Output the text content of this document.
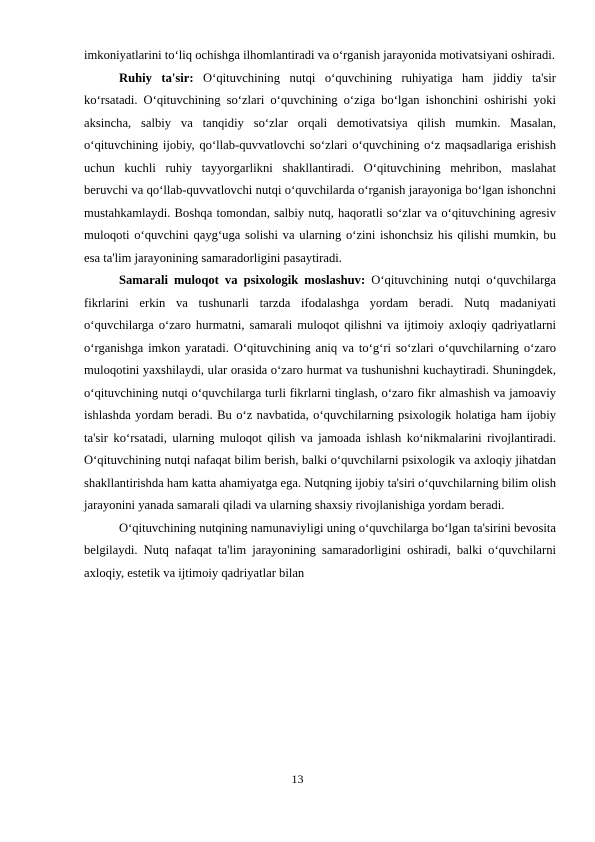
imkoniyatlarini to‘liq ochishga ilhomlantiradi va o‘rganish jarayonida motivatsiyani oshiradi.

Ruhiy ta'sir: O‘qituvchining nutqi o‘quvchining ruhiyatiga ham jiddiy ta'sir ko‘rsatadi. O‘qituvchining so‘zlari o‘quvchining o‘ziga bo‘lgan ishonchini oshirishi yoki aksincha, salbiy va tanqidiy so‘zlar orqali demotivatsiya qilish mumkin. Masalan, o‘qituvchining ijobiy, qo‘llab-quvvatlovchi so‘zlari o‘quvchining o‘z maqsadlariga erishish uchun kuchli ruhiy tayyorgarlikni shakllantiradi. O‘qituvchining mehribon, maslahat beruvchi va qo‘llab-quvvatlovchi nutqi o‘quvchilarda o‘rganish jarayoniga bo‘lgan ishonchni mustahkamlaydi. Boshqa tomondan, salbiy nutq, haqoratli so‘zlar va o‘qituvchining agresiv muloqoti o‘quvchini qayg‘uga solishi va ularning o‘zini ishonchsiz his qilishi mumkin, bu esa ta'lim jarayonining samaradorligini pasaytiradi.

Samarali muloqot va psixologik moslashuv: O‘qituvchining nutqi o‘quvchilarga fikrlarini erkin va tushunarli tarzda ifodalashga yordam beradi. Nutq madaniyati o‘quvchilarga o‘zaro hurmatni, samarali muloqot qilishni va ijtimoiy axloqiy qadriyatlarni o‘rganishga imkon yaratadi. O‘qituvchining aniq va to‘g‘ri so‘zlari o‘quvchilarning o‘zaro muloqotini yaxshilaydi, ular orasida o‘zaro hurmat va tushunishni kuchaytiradi. Shuningdek, o‘qituvchining nutqi o‘quvchilarga turli fikrlarni tinglash, o‘zaro fikr almashish va jamoaviy ishlashda yordam beradi. Bu o‘z navbatida, o‘quvchilarning psixologik holatiga ham ijobiy ta'sir ko‘rsatadi, ularning muloqot qilish va jamoada ishlash ko‘nikmalarini rivojlantiradi. O‘qituvchining nutqi nafaqat bilim berish, balki o‘quvchilarni psixologik va axloqiy jihatdan shakllantirishda ham katta ahamiyatga ega. Nutqning ijobiy ta'siri o‘quvchilarning bilim olish jarayonini yanada samarali qiladi va ularning shaxsiy rivojlanishiga yordam beradi.

O‘qituvchining nutqining namunaviyligi uning o‘quvchilarga bo‘lgan ta'sirini bevosita belgilaydi. Nutq nafaqat ta'lim jarayonining samaradorligini oshiradi, balki o‘quvchilarni axloqiy, estetik va ijtimoiy qadriyatlar bilan

13
